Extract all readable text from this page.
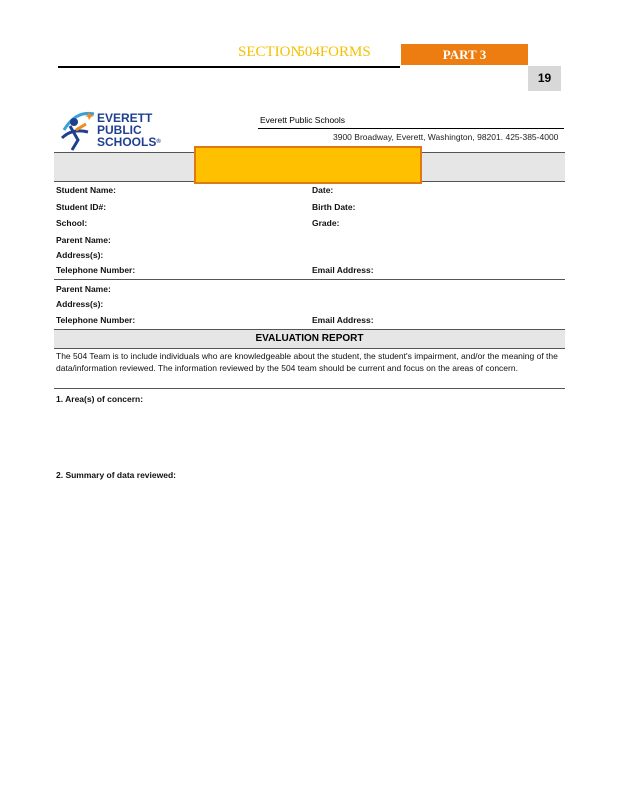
SECTION504FORMS	PART 3
19
EVERETT
PUBLIC
SCHOOLS®
Everett Public Schools
3900 Broadway, Everett, Washington, 98201. 425-385-4000
Student Name:	Date:
Student ID#:	Birth Date:
School:	Grade:
Parent Name:
Address(s):
Telephone Number:	Email Address:
Parent Name:
Address(s):
Telephone Number:	Email Address:
EVALUATION REPORT
The 504 Team is to include individuals who are knowledgeable about the student, the student's impairment, and/or the meaning of the data/information reviewed. The information reviewed by the 504 team should be current and focus on the areas of concern.
1. Area(s) of concern:
2. Summary of data reviewed:
